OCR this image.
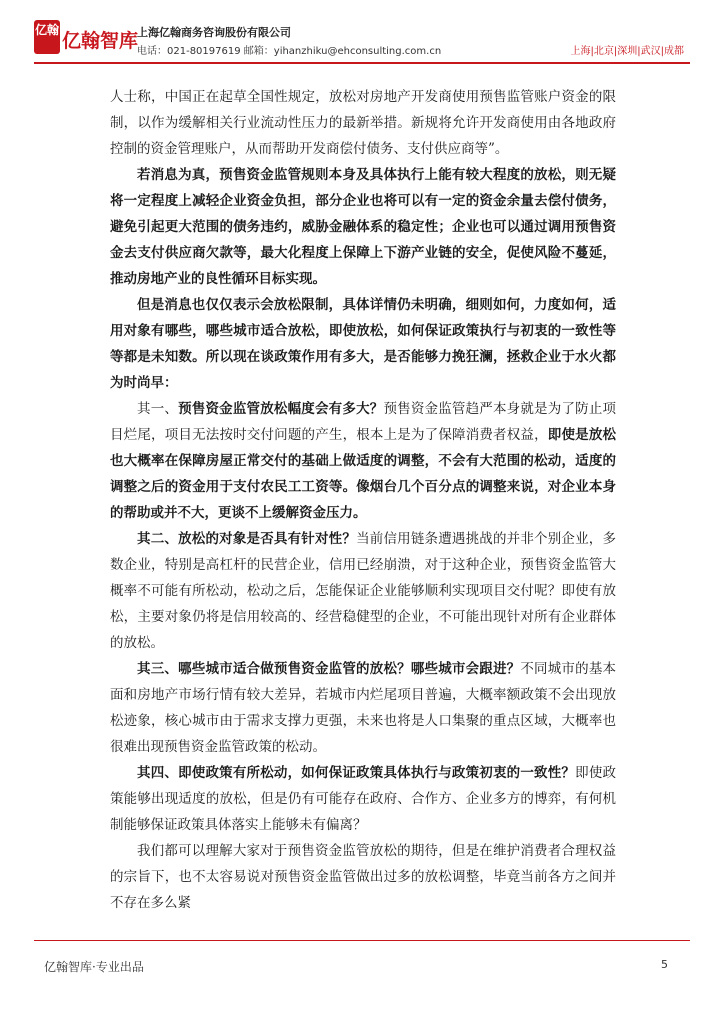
亿翰 亿翰智库
上海亿翰商务咨询股份有限公司
电话：021-80197619 邮箱：yihanzhiku@ehconsulting.com.cn	上海|北京|深圳|武汉|成都

人士称，中国正在起草全国性规定，放松对房地产开发商使用预售监管账户资金的限制，以作为缓解相关行业流动性压力的最新举措。新规将允许开发商使用由各地政府控制的资金管理账户，从而帮助开发商偿付债务、支付供应商等”。

若消息为真，预售资金监管规则本身及具体执行上能有较大程度的放松，则无疑将一定程度上减轻企业资金负担，部分企业也将可以有一定的资金余量去偿付债务，避免引起更大范围的债务违约，威胁金融体系的稳定性；企业也可以通过调用预售资金去支付供应商欠款等，最大化程度上保障上下游产业链的安全，促使风险不蔓延，推动房地产业的良性循环目标实现。

但是消息也仅仅表示会放松限制，具体详情仍未明确，细则如何，力度如何，适用对象有哪些，哪些城市适合放松，即使放松，如何保证政策执行与初衷的一致性等等都是未知数。所以现在谈政策作用有多大，是否能够力挽狂澜，拯救企业于水火都为时尚早：

其一、预售资金监管放松幅度会有多大？预售资金监管趋严本身就是为了防止项目烂尾，项目无法按时交付问题的产生，根本上是为了保障消费者权益，即使是放松也大概率在保障房屋正常交付的基础上做适度的调整，不会有大范围的松动，适度的调整之后的资金用于支付农民工工资等。像烟台几个百分点的调整来说，对企业本身的帮助或并不大，更谈不上缓解资金压力。

其二、放松的对象是否具有针对性？当前信用链条遭遇挑战的并非个别企业，多数企业，特别是高杠杆的民营企业，信用已经崩溃，对于这种企业，预售资金监管大概率不可能有所松动，松动之后，怎能保证企业能够顺利实现项目交付呢？即使有放松，主要对象仍将是信用较高的、经营稳健型的企业，不可能出现针对所有企业群体的放松。

其三、哪些城市适合做预售资金监管的放松？哪些城市会跟进？不同城市的基本面和房地产市场行情有较大差异，若城市内烂尾项目普遍，大概率额政策不会出现放松迹象，核心城市由于需求支撑力更强，未来也将是人口集聚的重点区域，大概率也很难出现预售资金监管政策的松动。

其四、即使政策有所松动，如何保证政策具体执行与政策初衷的一致性？即使政策能够出现适度的放松，但是仍有可能存在政府、合作方、企业多方的博弈，有何机制能够保证政策具体落实上能够未有偏离？

我们都可以理解大家对于预售资金监管放松的期待，但是在维护消费者合理权益的宗旨下，也不太容易说对预售资金监管做出过多的放松调整，毕竟当前各方之间并不存在多么紧

亿翰智库·专业出品	5
